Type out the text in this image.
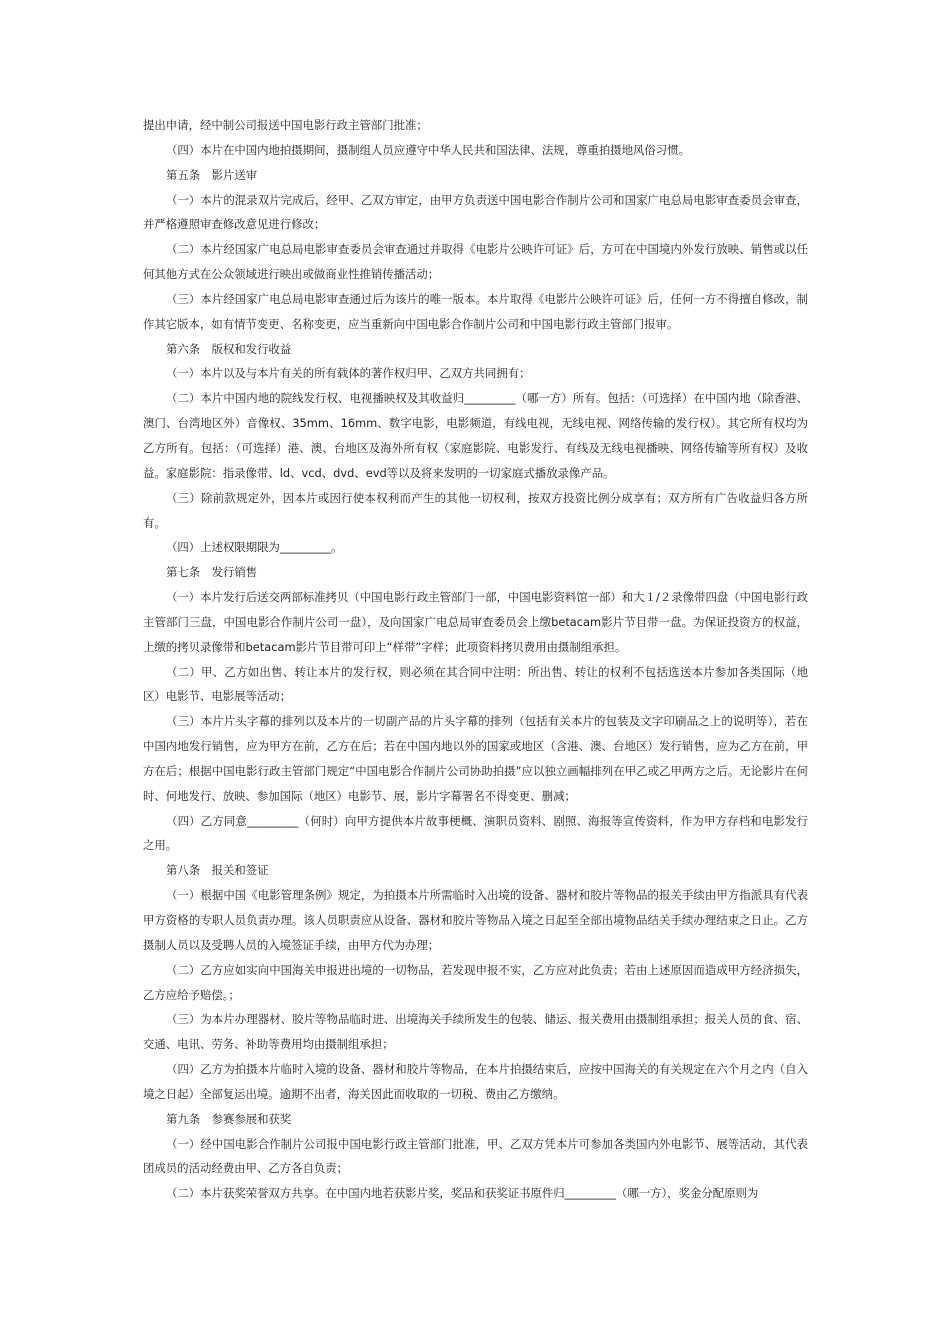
提出申请，经中制公司报送中国电影行政主管部门批准；

（四）本片在中国内地拍摄期间，摄制组人员应遵守中华人民共和国法律、法规，尊重拍摄地风俗习惯。

第五条　影片送审

（一）本片的混录双片完成后，经甲、乙双方审定，由甲方负责送中国电影合作制片公司和国家广电总局电影审查委员会审查，并严格遵照审查修改意见进行修改；

（二）本片经国家广电总局电影审查委员会审查通过并取得《电影片公映许可证》后，方可在中国境内外发行放映、销售或以任何其他方式在公众领域进行映出或做商业性推销传播活动；

（三）本片经国家广电总局电影审查通过后为该片的唯一版本。本片取得《电影片公映许可证》后，任何一方不得擅自修改，制作其它版本，如有情节变更、名称变更，应当重新向中国电影合作制片公司和中国电影行政主管部门报审。

第六条　版权和发行收益

（一）本片以及与本片有关的所有载体的著作权归甲、乙双方共同拥有；

（二）本片中国内地的院线发行权、电视播映权及其收益归_________（哪一方）所有。包括：（可选择）在中国内地（除香港、澳门、台湾地区外）音像权、35mm、16mm、数字电影，电影频道，有线电视，无线电视、网络传输的发行权）。其它所有权均为乙方所有。包括：（可选择）港、澳、台地区及海外所有权（家庭影院、电影发行、有线及无线电视播映、网络传输等所有权）及收益。家庭影院：指录像带、ld、vcd、dvd、evd等以及将来发明的一切家庭式播放录像产品。

（三）除前款规定外，因本片或因行使本权利而产生的其他一切权利，按双方投资比例分成享有；双方所有广告收益归各方所有。

（四）上述权限期限为_________。

第七条　发行销售

（一）本片发行后送交两部标准拷贝（中国电影行政主管部门一部，中国电影资料馆一部）和大１/２录像带四盘（中国电影行政主管部门三盘，中国电影合作制片公司一盘），及向国家广电总局审查委员会上缴betacam影片节目带一盘。为保证投资方的权益，上缴的拷贝录像带和betacam影片节目带可印上“样带”字样；此项资料拷贝费用由摄制组承担。

（二）甲、乙方如出售、转让本片的发行权，则必须在其合同中注明：所出售、转让的权利不包括选送本片参加各类国际（地区）电影节、电影展等活动；

（三）本片片头字幕的排列以及本片的一切副产品的片头字幕的排列（包括有关本片的包装及文字印刷品之上的说明等），若在中国内地发行销售，应为甲方在前，乙方在后；若在中国内地以外的国家或地区（含港、澳、台地区）发行销售，应为乙方在前，甲方在后；根据中国电影行政主管部门规定“中国电影合作制片公司协助拍摄”应以独立画幅排列在甲乙或乙甲两方之后。无论影片在何时、何地发行、放映、参加国际（地区）电影节、展，影片字幕署名不得变更、删减；

（四）乙方同意_________（何时）向甲方提供本片故事梗概、演职员资料、剧照、海报等宣传资料，作为甲方存档和电影发行之用。

第八条　报关和签证

（一）根据中国《电影管理条例》规定，为拍摄本片所需临时入出境的设备、器材和胶片等物品的报关手续由甲方指派具有代表甲方资格的专职人员负责办理。该人员职责应从设备、器材和胶片等物品入境之日起至全部出境物品结关手续办理结束之日止。乙方摄制人员以及受聘人员的入境签证手续，由甲方代为办理；

（二）乙方应如实向中国海关申报进出境的一切物品，若发现申报不实，乙方应对此负责；若由上述原因而造成甲方经济损失，乙方应给予赔偿。；

（三）为本片办理器材、胶片等物品临时进、出境海关手续所发生的包装、储运、报关费用由摄制组承担；报关人员的食、宿、交通、电讯、劳务、补助等费用均由摄制组承担；

（四）乙方为拍摄本片临时入境的设备、器材和胶片等物品，在本片拍摄结束后，应按中国海关的有关规定在六个月之内（自入境之日起）全部复运出境。逾期不出者，海关因此而收取的一切税、费由乙方缴纳。

第九条　参赛参展和获奖

（一）经中国电影合作制片公司报中国电影行政主管部门批准，甲、乙双方凭本片可参加各类国内外电影节、展等活动，其代表团成员的活动经费由甲、乙方各自负责；

（二）本片获奖荣誉双方共享。在中国内地若获影片奖，奖品和获奖证书原件归_________（哪一方），奖金分配原则为
